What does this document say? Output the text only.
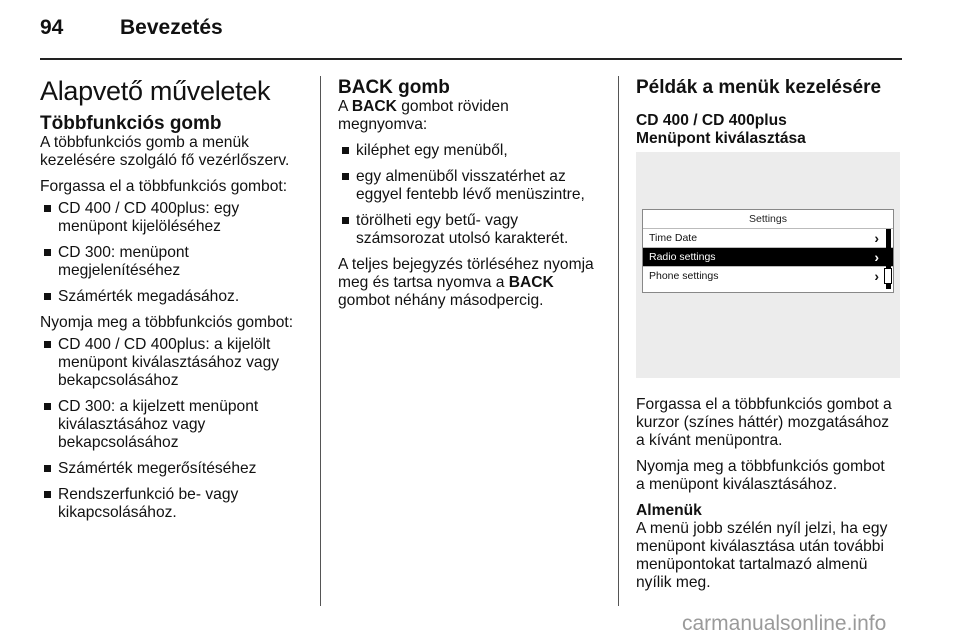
94	Bevezetés
Alapvető műveletek
Többfunkciós gomb

A többfunkciós gomb a menük
kezelésére szolgáló fő vezérlőszerv.

Forgassa el a többfunkciós gombot:

CD 400 / CD 400plus: egy
menüpont kijelöléséhez
CD 300: menüpont
megjelenítéséhez
Számérték megadásához.

Nyomja meg a többfunkciós gombot:

CD 400 / CD 400plus: a kijelölt
menüpont kiválasztásához vagy
bekapcsolásához
CD 300: a kijelzett menüpont
kiválasztásához vagy
bekapcsolásához
Számérték megerősítéséhez
Rendszerfunkció be- vagy
kikapcsolásához.
BACK gomb

A BACK gombot röviden
megnyomva:

kiléphet egy menüből,
egy almenüből visszatérhet az
eggyel fentebb lévő menüszintre,
törölheti egy betű- vagy
számsorozat utolsó karakterét.

A teljes bejegyzés törléséhez nyomja
meg és tartsa nyomva a BACK
gombot néhány másodpercig.

Példák a menük kezelésére
CD 400 / CD 400plus
Menüpont kiválasztása
Settings
Time Date	›
Radio settings	›
Phone settings	›

Forgassa el a többfunkciós gombot a
kurzor (színes háttér) mozgatásához
a kívánt menüpontra.

Nyomja meg a többfunkciós gombot
a menüpont kiválasztásához.

Almenük

A menü jobb szélén nyíl jelzi, ha egy
menüpont kiválasztása után további
menüpontokat tartalmazó almenü
nyílik meg.

carmanualsonline.info
